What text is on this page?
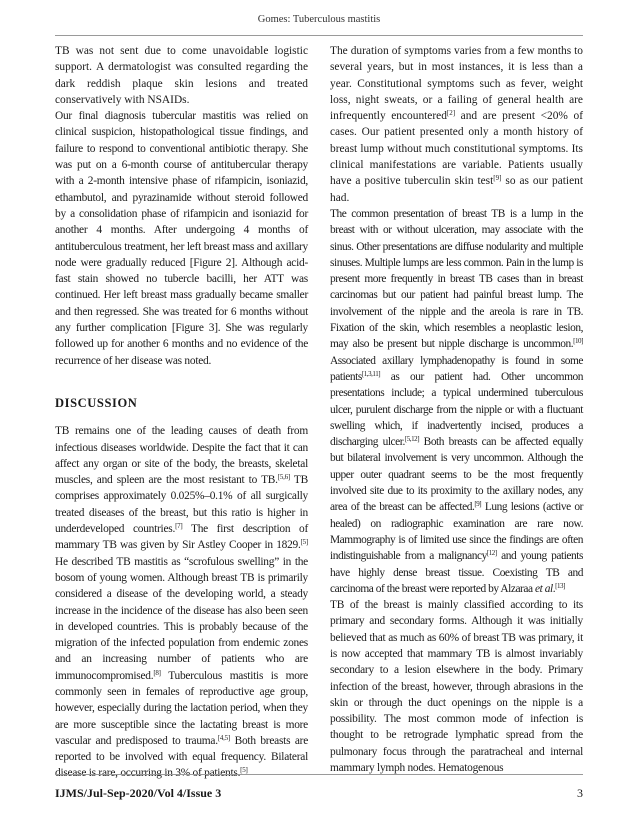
Gomes: Tuberculous mastitis

TB was not sent due to come unavoidable logistic support. A dermatologist was consulted regarding the dark reddish plaque skin lesions and treated conservatively with NSAIDs.

Our final diagnosis tubercular mastitis was relied on clinical suspicion, histopathological tissue findings, and failure to respond to conventional antibiotic therapy. She was put on a 6-month course of antitubercular therapy with a 2-month intensive phase of rifampicin, isoniazid, ethambutol, and pyrazinamide without steroid followed by a consolidation phase of rifampicin and isoniazid for another 4 months. After undergoing 4 months of antituberculous treatment, her left breast mass and axillary node were gradually reduced [Figure 2]. Although acid-fast stain showed no tubercle bacilli, her ATT was continued. Her left breast mass gradually became smaller and then regressed. She was treated for 6 months without any further complication [Figure 3]. She was regularly followed up for another 6 months and no evidence of the recurrence of her disease was noted.

DISCUSSION

TB remains one of the leading causes of death from infectious diseases worldwide. Despite the fact that it can affect any organ or site of the body, the breasts, skeletal muscles, and spleen are the most resistant to TB.[5,6] TB comprises approximately 0.025%–0.1% of all surgically treated diseases of the breast, but this ratio is higher in underdeveloped countries.[7] The first description of mammary TB was given by Sir Astley Cooper in 1829.[5] He described TB mastitis as “scrofulous swelling” in the bosom of young women. Although breast TB is primarily considered a disease of the developing world, a steady increase in the incidence of the disease has also been seen in developed countries. This is probably because of the migration of the infected population from endemic zones and an increasing number of patients who are immunocompromised.[8] Tuberculous mastitis is more commonly seen in females of reproductive age group, however, especially during the lactation period, when they are more susceptible since the lactating breast is more vascular and predisposed to trauma.[4,5] Both breasts are reported to be involved with equal frequency. Bilateral disease is rare, occurring in 3% of patients.[5]

The duration of symptoms varies from a few months to several years, but in most instances, it is less than a year. Constitutional symptoms such as fever, weight loss, night sweats, or a failing of general health are infrequently encountered[2] and are present <20% of cases. Our patient presented only a month history of breast lump without much constitutional symptoms. Its clinical manifestations are variable. Patients usually have a positive tuberculin skin test[9] so as our patient had.

The common presentation of breast TB is a lump in the breast with or without ulceration, may associate with the sinus. Other presentations are diffuse nodularity and multiple sinuses. Multiple lumps are less common. Pain in the lump is present more frequently in breast TB cases than in breast carcinomas but our patient had painful breast lump. The involvement of the nipple and the areola is rare in TB. Fixation of the skin, which resembles a neoplastic lesion, may also be present but nipple discharge is uncommon.[10] Associated axillary lymphadenopathy is found in some patients[1,3,11] as our patient had. Other uncommon presentations include; a typical undermined tuberculous ulcer, purulent discharge from the nipple or with a fluctuant swelling which, if inadvertently incised, produces a discharging ulcer.[5,12] Both breasts can be affected equally but bilateral involvement is very uncommon. Although the upper outer quadrant seems to be the most frequently involved site due to its proximity to the axillary nodes, any area of the breast can be affected.[9] Lung lesions (active or healed) on radiographic examination are rare now. Mammography is of limited use since the findings are often indistinguishable from a malignancy[12] and young patients have highly dense breast tissue. Coexisting TB and carcinoma of the breast were reported by Alzaraa et al.[13]

TB of the breast is mainly classified according to its primary and secondary forms. Although it was initially believed that as much as 60% of breast TB was primary, it is now accepted that mammary TB is almost invariably secondary to a lesion elsewhere in the body. Primary infection of the breast, however, through abrasions in the skin or through the duct openings on the nipple is a possibility. The most common mode of infection is thought to be retrograde lymphatic spread from the pulmonary focus through the paratracheal and internal mammary lymph nodes. Hematogenous

IJMS/Jul-Sep-2020/Vol 4/Issue 3	3
